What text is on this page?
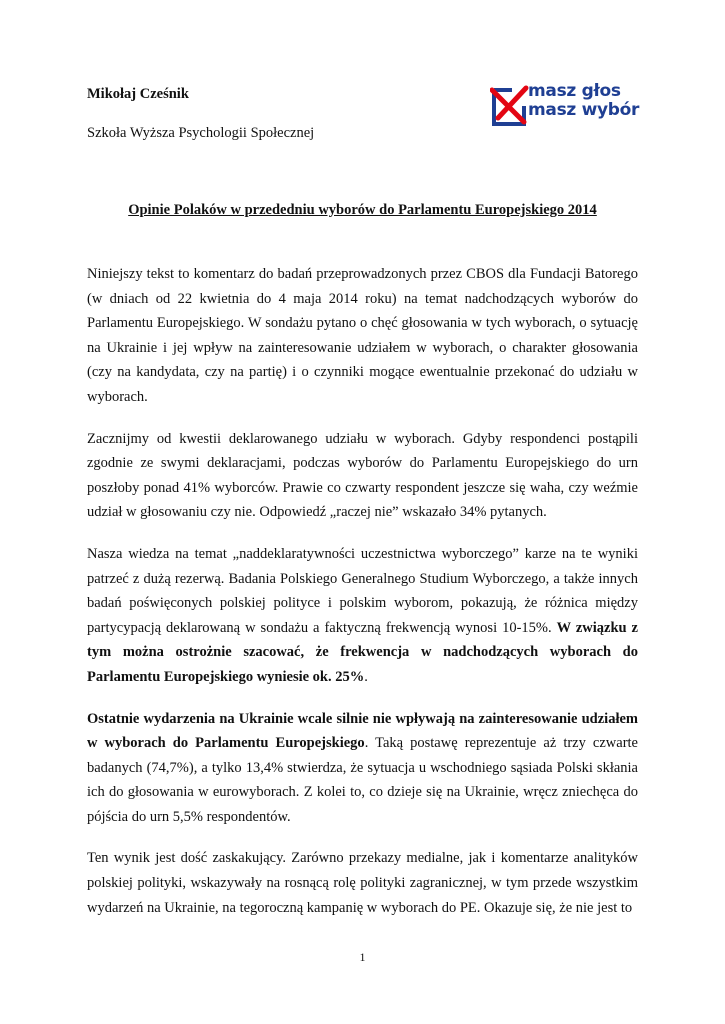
Mikołaj Cześnik
Szkoła Wyższa Psychologii Społecznej
masz głos
masz wybór
Opinie Polaków w przededniu wyborów do Parlamentu Europejskiego 2014

Niniejszy tekst to komentarz do badań przeprowadzonych przez CBOS dla Fundacji Batorego (w dniach od 22 kwietnia do 4 maja 2014 roku) na temat nadchodzących wyborów do Parlamentu Europejskiego. W sondażu pytano o chęć głosowania w tych wyborach, o sytuację na Ukrainie i jej wpływ na zainteresowanie udziałem w wyborach, o charakter głosowania (czy na kandydata, czy na partię) i o czynniki mogące ewentualnie przekonać do udziału w wyborach.

Zacznijmy od kwestii deklarowanego udziału w wyborach. Gdyby respondenci postąpili zgodnie ze swymi deklaracjami, podczas wyborów do Parlamentu Europejskiego do urn poszłoby ponad 41% wyborców. Prawie co czwarty respondent jeszcze się waha, czy weźmie udział w głosowaniu czy nie. Odpowiedź „raczej nie” wskazało 34% pytanych.

Nasza wiedza na temat „naddeklaratywności uczestnictwa wyborczego” karze na te wyniki patrzeć z dużą rezerwą. Badania Polskiego Generalnego Studium Wyborczego, a także innych badań poświęconych polskiej polityce i polskim wyborom, pokazują, że różnica między partycypacją deklarowaną w sondażu a faktyczną frekwencją wynosi 10-15%. W związku z tym można ostrożnie szacować, że frekwencja w nadchodzących wyborach do Parlamentu Europejskiego wyniesie ok. 25%.

Ostatnie wydarzenia na Ukrainie wcale silnie nie wpływają na zainteresowanie udziałem w wyborach do Parlamentu Europejskiego. Taką postawę reprezentuje aż trzy czwarte badanych (74,7%), a tylko 13,4% stwierdza, że sytuacja u wschodniego sąsiada Polski skłania ich do głosowania w eurowyborach. Z kolei to, co dzieje się na Ukrainie, wręcz zniechęca do pójścia do urn 5,5% respondentów.

Ten wynik jest dość zaskakujący. Zarówno przekazy medialne, jak i komentarze analityków polskiej polityki, wskazywały na rosnącą rolę polityki zagranicznej, w tym przede wszystkim wydarzeń na Ukrainie, na tegoroczną kampanię w wyborach do PE. Okazuje się, że nie jest to

1
